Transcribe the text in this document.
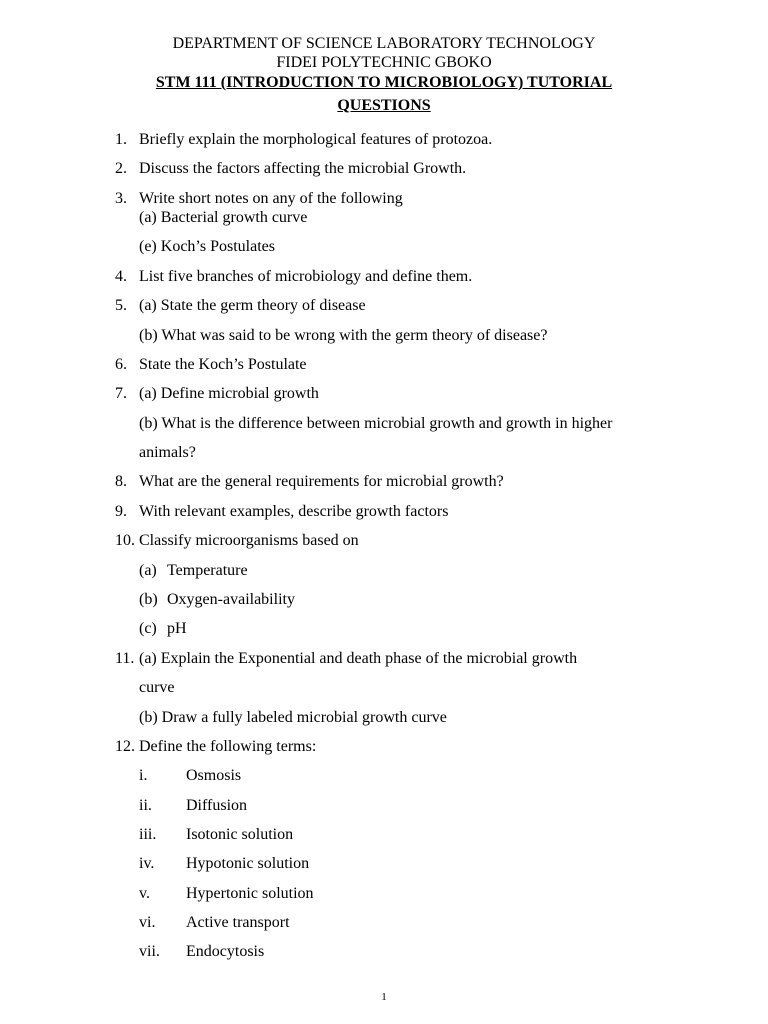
DEPARTMENT OF SCIENCE LABORATORY TECHNOLOGY
FIDEI POLYTECHNIC GBOKO
STM 111 (INTRODUCTION TO MICROBIOLOGY) TUTORIAL
QUESTIONS
1. Briefly explain the morphological features of protozoa.
2. Discuss the factors affecting the microbial Growth.
3. Write short notes on any of the following
(a) Bacterial growth curve
(e) Koch’s Postulates
4. List five branches of microbiology and define them.
5. (a) State the germ theory of disease
(b) What was said to be wrong with the germ theory of disease?
6. State the Koch’s Postulate
7. (a) Define microbial growth
(b) What is the difference between microbial growth and growth in higher
animals?
8. What are the general requirements for microbial growth?
9. With relevant examples, describe growth factors
10. Classify microorganisms based on
(a) Temperature
(b) Oxygen-availability
(c) pH
11. (a) Explain the Exponential and death phase of the microbial growth
curve
(b) Draw a fully labeled microbial growth curve
12. Define the following terms:
i. Osmosis
ii. Diffusion
iii. Isotonic solution
iv. Hypotonic solution
v. Hypertonic solution
vi. Active transport
vii. Endocytosis
1
